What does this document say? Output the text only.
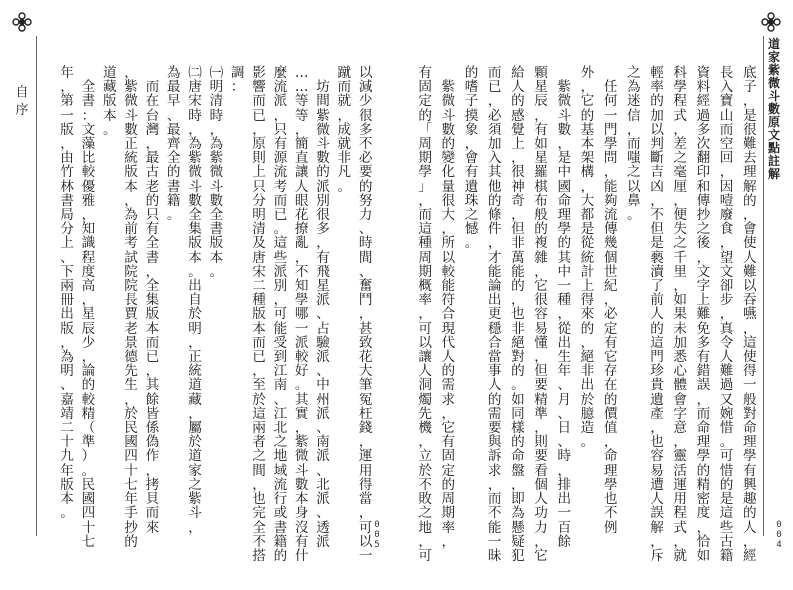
道
家
紫
微
斗
數
原
文
點
註
解
底
子
，
是
很
難
去
理
解
的
，
會
使
人
難
以
吞
嚥
，
這
使
得
一
般
對
命
理
學
有
興
趣
的
人
，
經
長
入
寶
山
而
空
回
，
因
噎
廢
食
，
望
文
卻
步
，
真
令
人
難
過
又
婉
惜
。
可
惜
的
是
這
些
古
籍
資
料
經
過
多
次
翻
印
和
傳
抄
之
後
，
文
字
上
難
免
多
有
錯
誤
，
而
命
理
學
的
精
密
度
，
恰
如
科
學
程
式
，
差
之
毫
厘
，
便
失
之
千
里
，
如
果
未
加
悉
心
體
會
字
意
，
靈
活
運
用
程
式
，
就
輕
率
的
加
以
判
斷
吉
凶
，
不
但
是
褻
瀆
了
前
人
的
這
門
珍
貴
遺
產
，
也
容
易
遭
人
誤
解
，
斥
之
為
迷
信
，
而
嗤
之
以
鼻
。

任
何
一
門
學
問
，
能
夠
流
傳
幾
個
世
紀
，
必
定
有
它
存
在
的
價
值
，
命
理
學
也
不
例
外
，
它
的
基
本
架
構
，
大
都
是
從
統
計
上
得
來
的
，
絕
非
出
於
臆
造
。

紫
微
斗
數
，
是
中
國
命
理
學
的
其
中
一
種
，
從
出
生
年
、
月
、
日
、
時
，
排
出
一
百
餘
顆
星
辰
，
有
如
星
羅
棋
布
般
的
複
雜
，
它
很
容
易
懂
，
但
要
精
準
，
則
要
看
個
人
功
力
，
它
給
人
的
感
覺
上
，
很
神
奇
，
但
非
萬
能
的
，
也
非
絕
對
的
。
如
同
樣
的
命
盤
，
即
為
懸
疑
犯
而
已
，
必
須
加
入
其
他
的
條
件
，
才
能
論
出
更
穩
合
當
事
人
的
需
要
與
訴
求
，
而
不
能
一
昧
的
嗜
子
摸
象
，
會
有
遺
珠
之
憾
。

紫
微
斗
數
的
變
化
量
很
大
，
所
以
較
能
符
合
現
代
人
的
需
求
，
它
有
固
定
的
周
期
率
，
有
固
定
的
「
周
期
學
」
，
而
這
種
周
期
概
率
，
可
以
讓
人
洞
燭
先
機
，
立
於
不
敗
之
地
，
可
0
0
4
自
序
以
減
少
很
多
不
必
要
的
努
力
、
時
間
、
奮
鬥
，
甚
致
花
大
筆
冤
枉
錢
，
運
用
得
當
，
可
以
一
蹴
而
就
，
成
就
非
凡
。

坊
間
紫
微
斗
數
的
派
別
很
多
，
有
飛
星
派
、
占
驗
派
、
中
州
派
、
南
派
、
北
派
、
透
派
…
…
等
等
，
簡
直
讓
人
眼
花
撩
亂
，
不
知
學
哪
一
派
較
好
。
其
實
，
紫
微
斗
數
本
身
沒
有
什
麼
流
派
，
只
有
源
流
考
而
已
。
這
些
派
別
，
可
能
受
到
江
南
、
江
北
之
地
域
流
行
或
書
籍
的
影
響
而
已
，
原
則
上
只
分
明
清
及
唐
宋
二
種
版
本
而
已
，
至
於
這
兩
者
之
間
，
也
完
全
不
搭
調
：
㈠
明
清
時
，
為
紫
微
斗
數
全
書
版
本
。
㈡
唐
宋
時
，
為
紫
微
斗
數
全
集
版
本
。
出
自
於
明
，
正
統
道
藏
，
屬
於
道
家
之
紫
斗
，
為
最
早
、
最
齊
全
的
書
籍
。

而
在
台
灣
，
最
古
老
的
只
有
全
書
，
全
集
版
本
而
已
，
其
餘
皆
係
偽
作
，
拷
貝
而
來
，
紫
微
斗
數
正
統
版
本
，
為
前
考
試
院
院
長
賈
老
景
德
先
生
，
於
民
國
四
十
七
年
手
抄
的
道
藏
版
本
。

全
書
：
文
藻
比
較
優
雅
，
知
識
程
度
高
，
星
辰
少
，
論
的
較
精
（
準
）
。
民
國
四
十
七
年
，
第
一
版
，
由
竹
林
書
局
分
上
、
下
兩
冊
出
版
，
為
明
、
嘉
靖
二
十
九
年
版
本
。
0
0
5
